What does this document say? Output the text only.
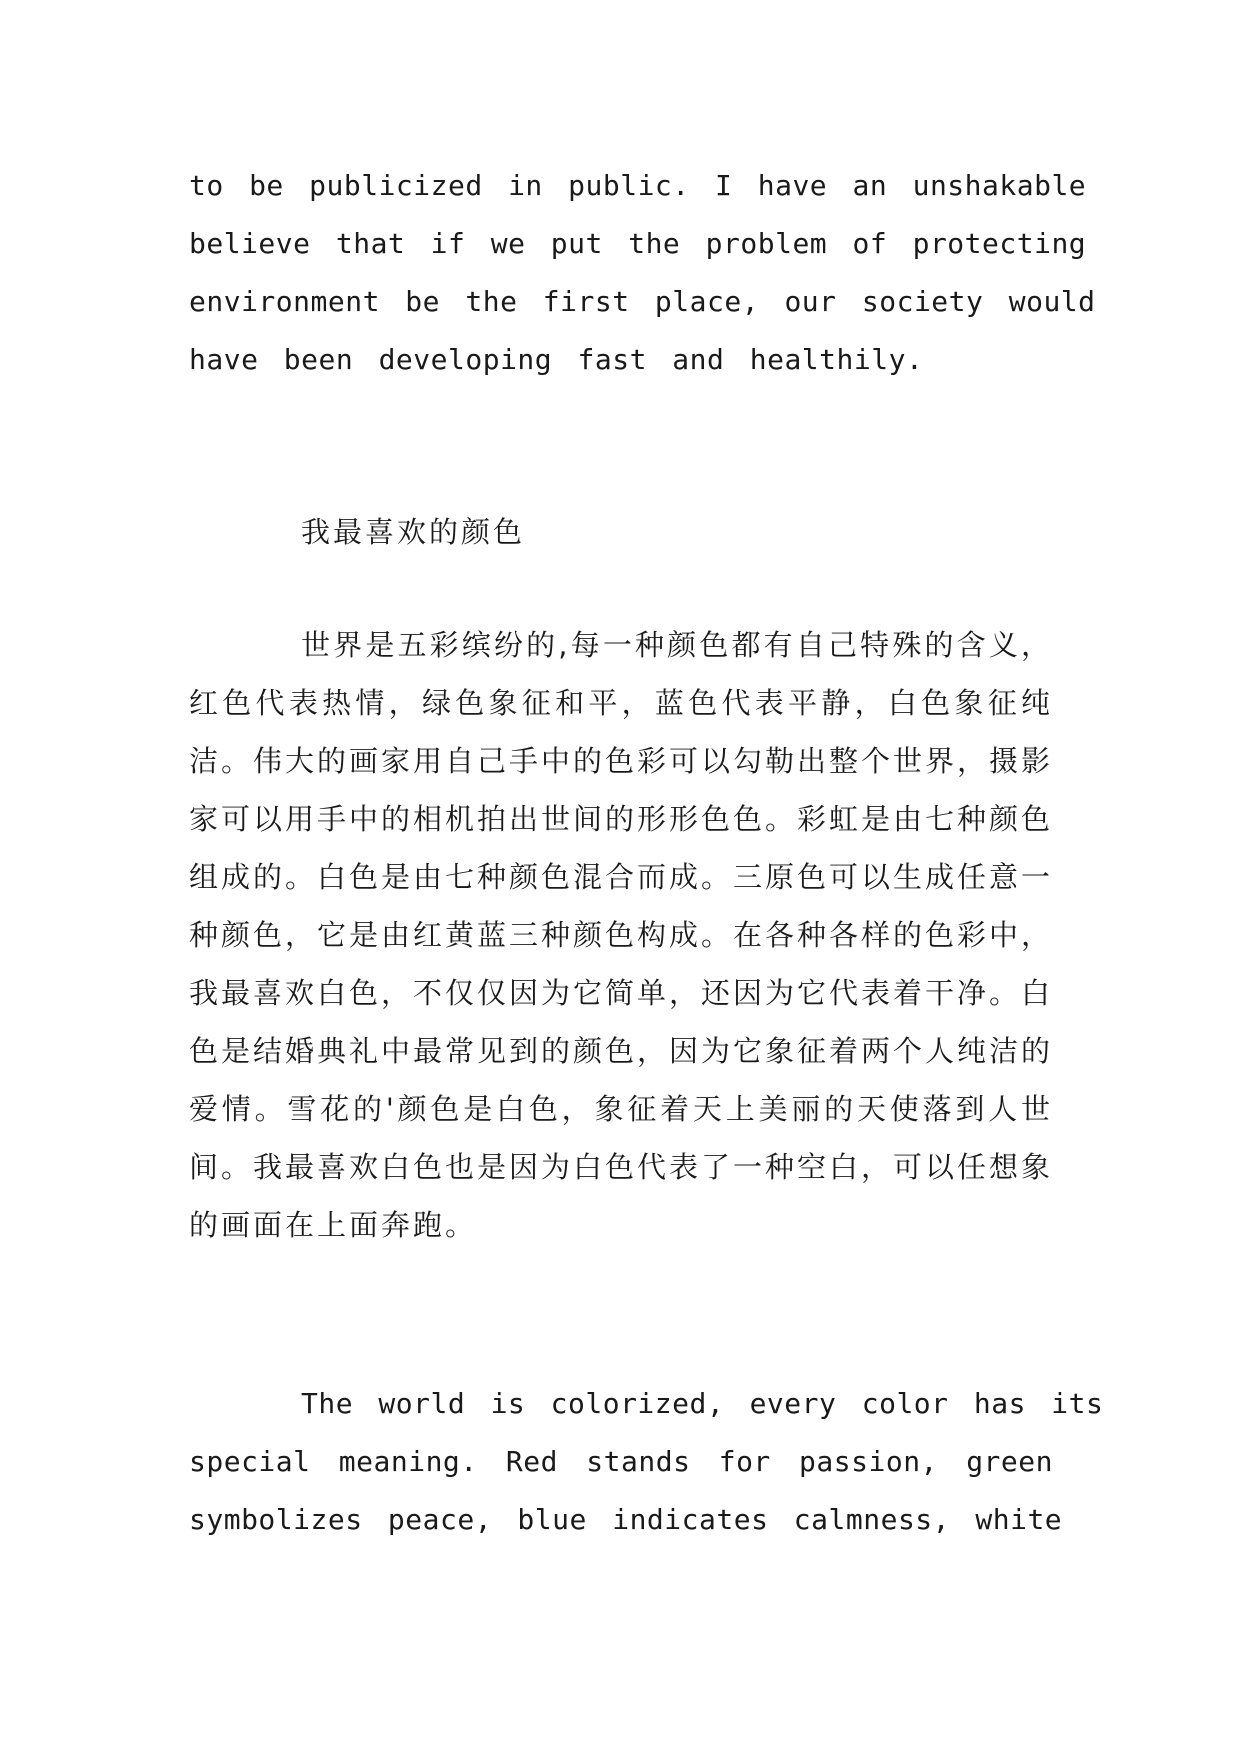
to be publicized in public. I have an unshakable
believe that if we put the problem of protecting
environment be the first place, our society would
have been developing fast and healthily.
我最喜欢的颜色
世界是五彩缤纷的,每一种颜色都有自己特殊的含义，红色代表热情，绿色象征和平，蓝色代表平静，白色象征纯洁。伟大的画家用自己手中的色彩可以勾勒出整个世界，摄影家可以用手中的相机拍出世间的形形色色。彩虹是由七种颜色组成的。白色是由七种颜色混合而成。三原色可以生成任意一种颜色，它是由红黄蓝三种颜色构成。在各种各样的色彩中，我最喜欢白色，不仅仅因为它简单，还因为它代表着干净。白色是结婚典礼中最常见到的颜色，因为它象征着两个人纯洁的爱情。雪花的'颜色是白色，象征着天上美丽的天使落到人世间。我最喜欢白色也是因为白色代表了一种空白，可以任想象的画面在上面奔跑。
The world is colorized, every color has its
special meaning. Red stands for passion, green
symbolizes peace, blue indicates calmness, white
